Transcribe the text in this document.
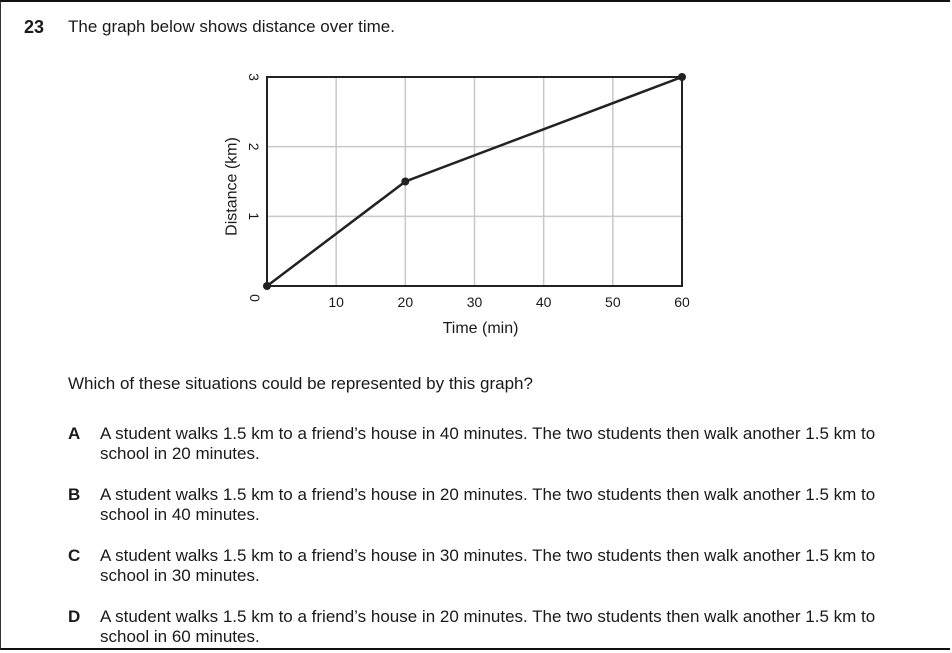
23 The graph below shows distance over time.
10	20	30	40	50	60
1
2
3
0
Time (min)
Distance (km)
Which of these situations could be represented by this graph?
A A student walks 1.5 km to a friend’s house in 40 minutes. The two students then walk another 1.5 km to school in 20 minutes.
B A student walks 1.5 km to a friend’s house in 20 minutes. The two students then walk another 1.5 km to school in 40 minutes.
C A student walks 1.5 km to a friend’s house in 30 minutes. The two students then walk another 1.5 km to school in 30 minutes.
D A student walks 1.5 km to a friend’s house in 20 minutes. The two students then walk another 1.5 km to school in 60 minutes.
